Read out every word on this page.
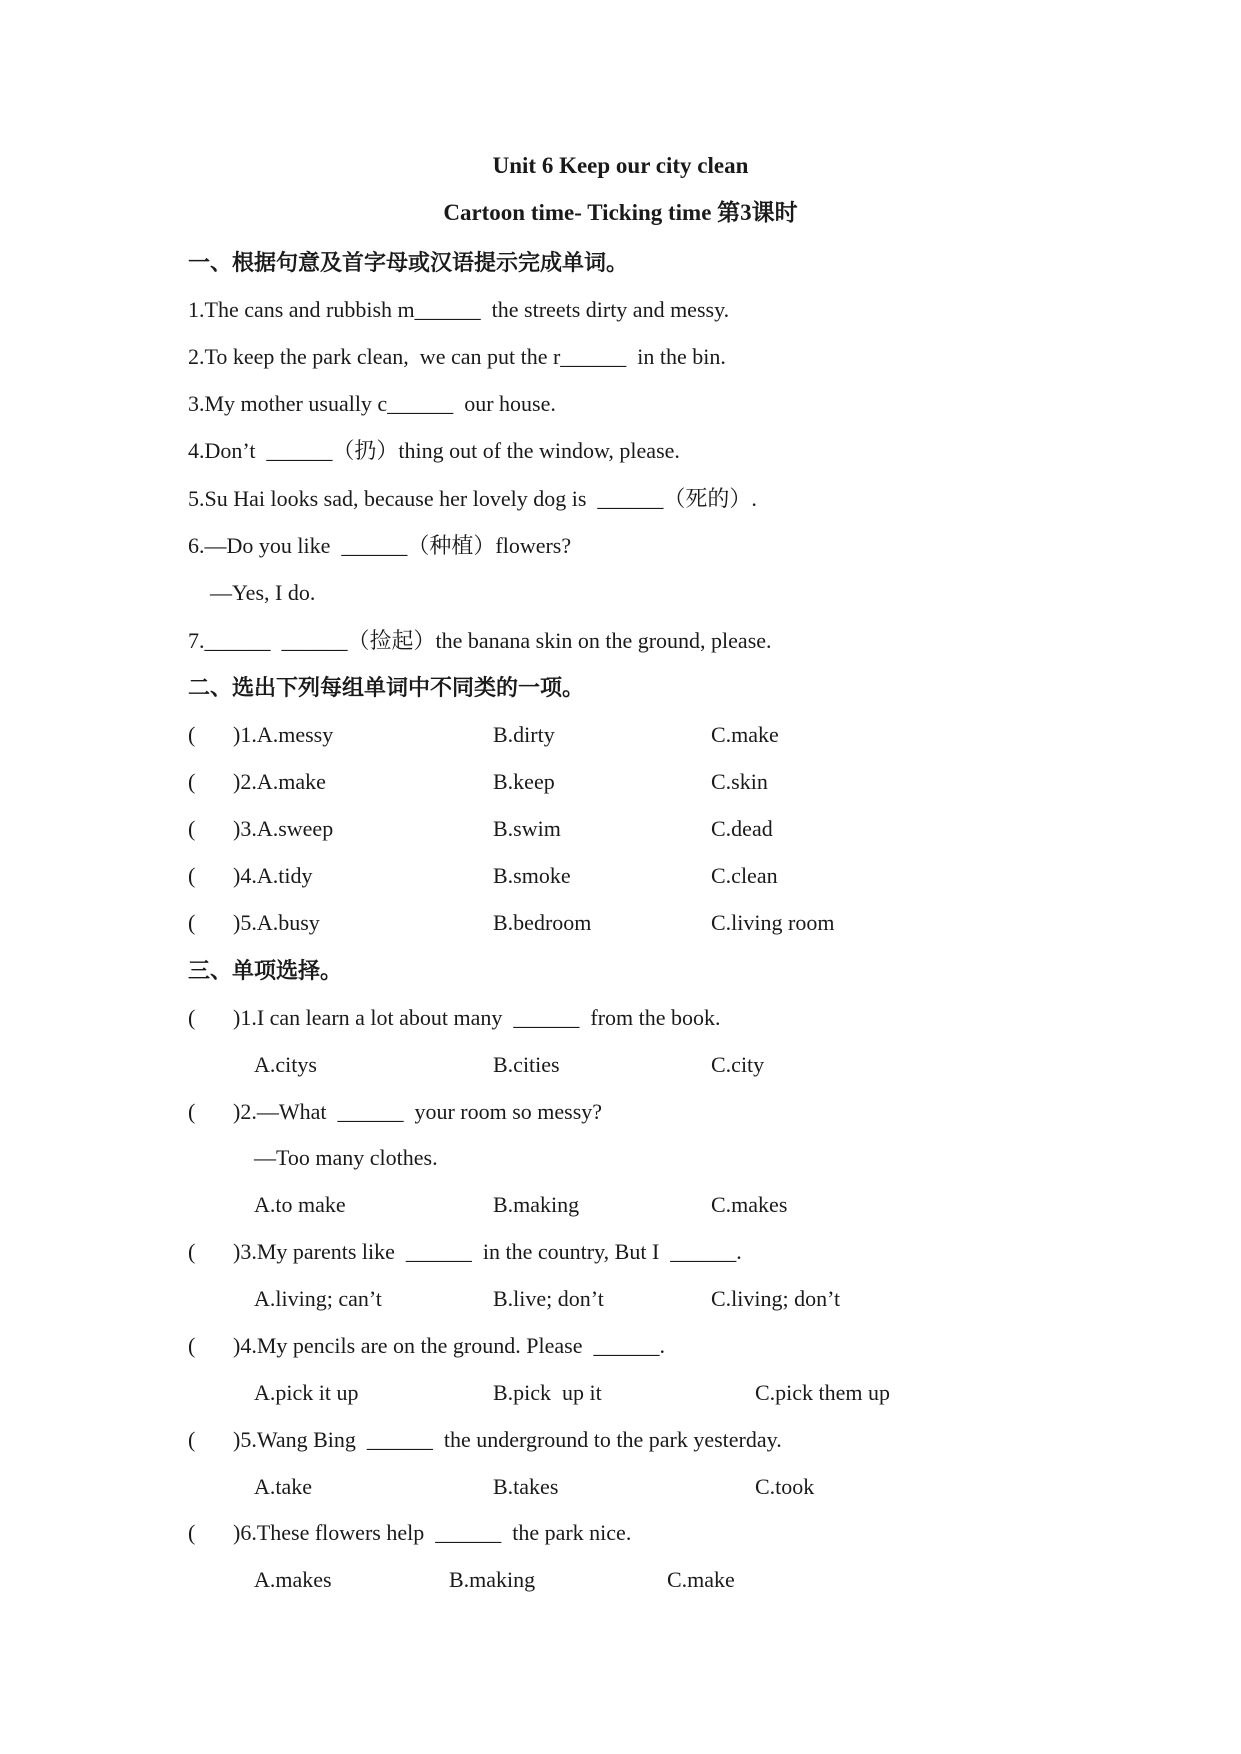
Unit 6 Keep our city clean
Cartoon time- Ticking time 第3课时
一、根据句意及首字母或汉语提示完成单词。
1.The cans and rubbish m______  the streets dirty and messy.
2.To keep the park clean,  we can put the r______  in the bin.
3.My mother usually c______  our house.
4.Don’t  ______（扔）thing out of the window, please.
5.Su Hai looks sad, because her lovely dog is  ______（死的）.
6.—Do you like  ______（种植）flowers?
—Yes, I do.
7.______  ______（捡起）the banana skin on the ground, please.
二、选出下列每组单词中不同类的一项。
( )1.A.messy	B.dirty	C.make
( )2.A.make	B.keep	C.skin
( )3.A.sweep	B.swim	C.dead
( )4.A.tidy	B.smoke	C.clean
( )5.A.busy	B.bedroom	C.living room
三、单项选择。
( )1.I can learn a lot about many  ______  from the book.
A.citys	B.cities	C.city
( )2.—What  ______  your room so messy?
—Too many clothes.
A.to make	B.making	C.makes
( )3.My parents like  ______  in the country, But I  ______.
A.living; can’t	B.live; don’t	C.living; don’t
( )4.My pencils are on the ground. Please  ______.
A.pick it up	B.pick  up it	C.pick them up
( )5.Wang Bing  ______  the underground to the park yesterday.
A.take	B.takes	C.took
( )6.These flowers help  ______  the park nice.
A.makes	B.making	C.make
